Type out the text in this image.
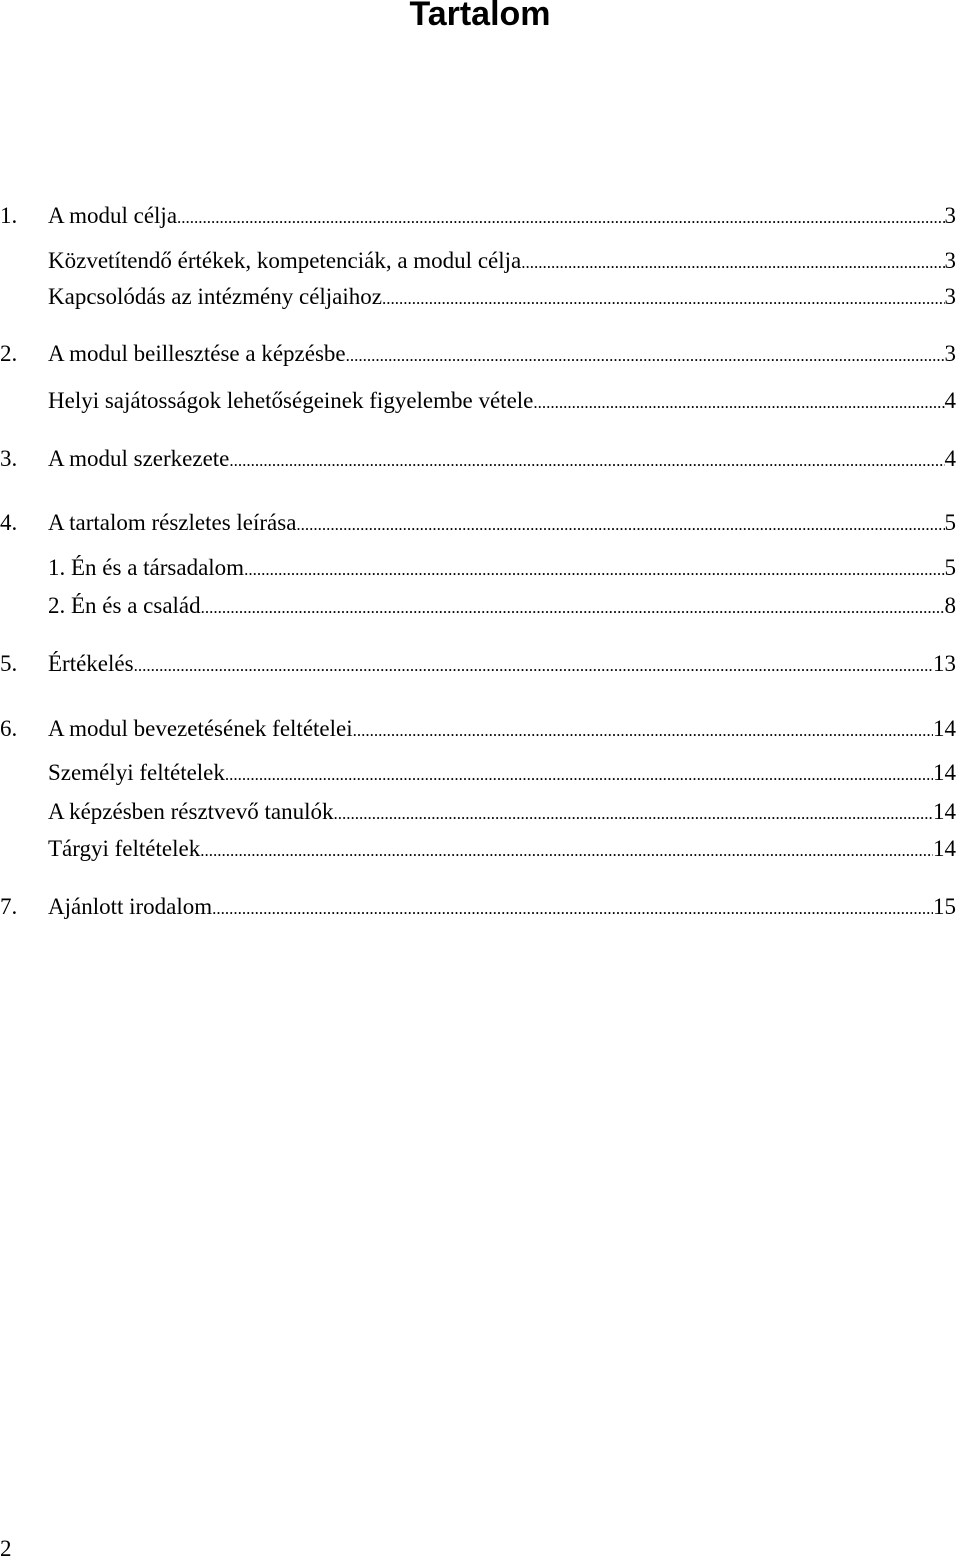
Tartalom
1. A modul célja .....	3
Közvetítendő értékek, kompetenciák, a modul célja .....	3
Kapcsolódás az intézmény céljaihoz .....	3
2. A modul beillesztése a képzésbe .....	3
Helyi sajátosságok lehetőségeinek figyelembe vétele .....	4
3. A modul szerkezete .....	4
4. A tartalom részletes leírása .....	5
1. Én és a társadalom .....	5
2. Én és a család .....	8
5. Értékelés .....	13
6. A modul bevezetésének feltételei .....	14
Személyi feltételek .....	14
A képzésben résztvevő tanulók .....	14
Tárgyi feltételek .....	14
7. Ajánlott irodalom .....	15
2
